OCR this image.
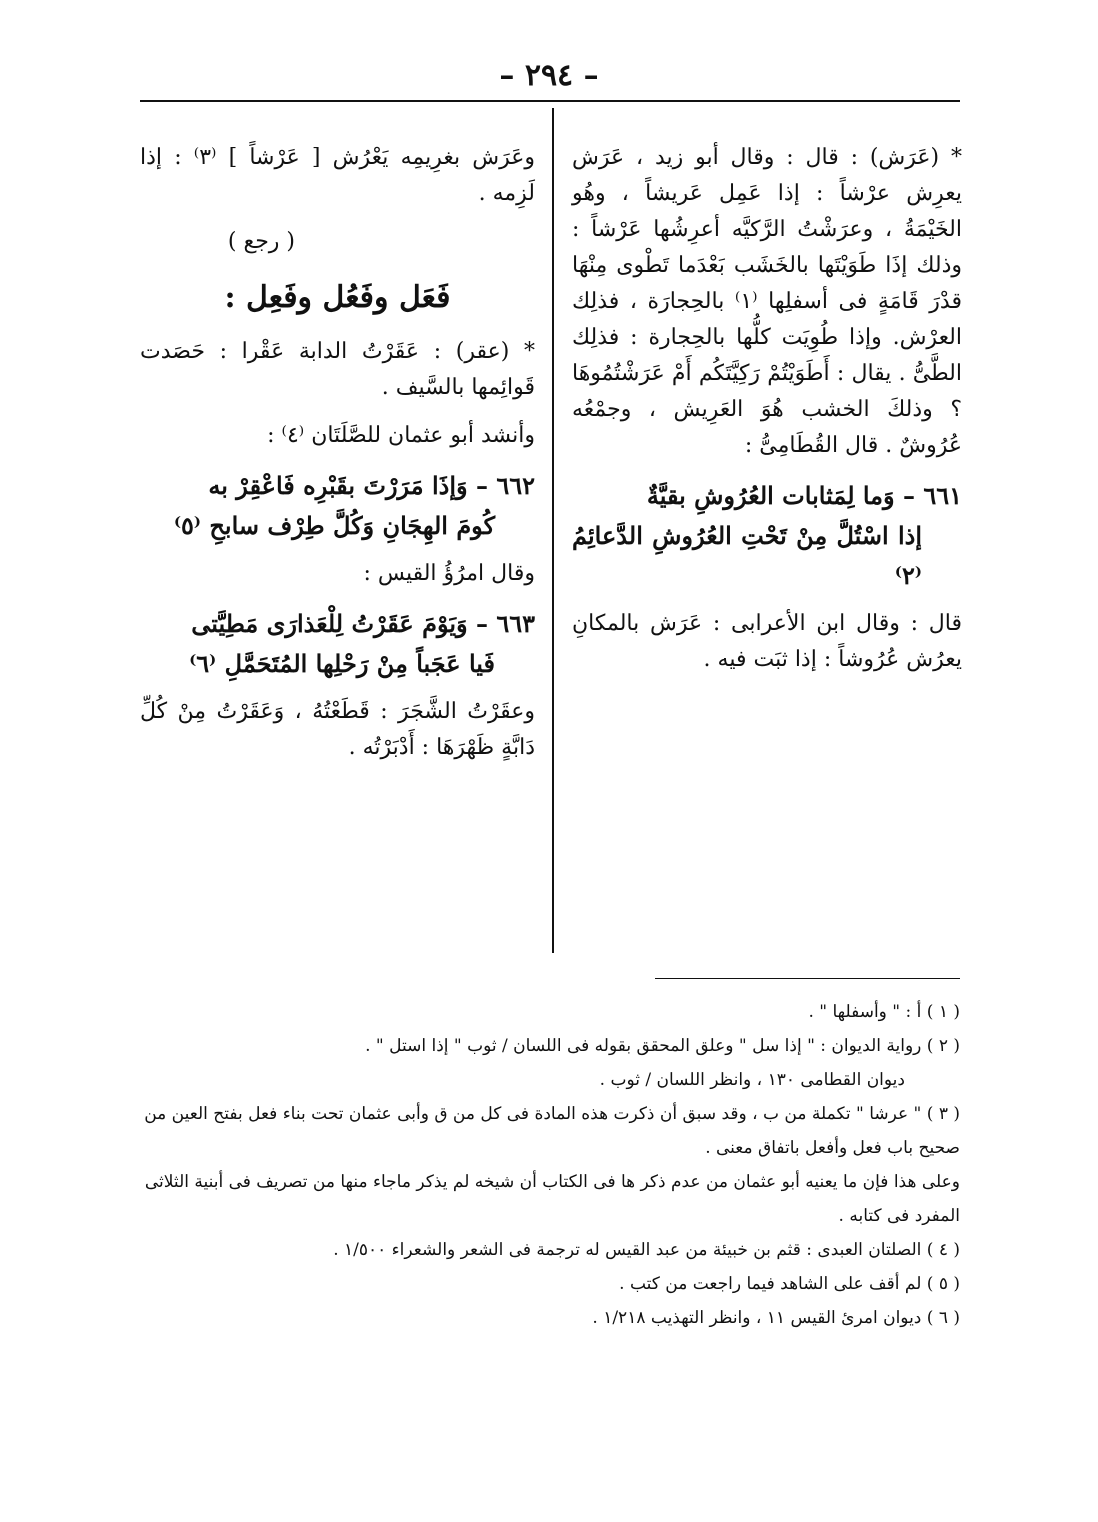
– ٢٩٤ –

* (عَرَش) : قال : وقال أبو زيد ، عَرَش يعرِش عرْشاً : إذا عَمِل عَريشاً ، وهُو الخَيْمَةُ ، وعرَشْتُ الرَّكيَّه أعرِشُها عَرْشاً : وذلك إذَا طَوَيْتَها بالخَشَب بَعْدَما تَطْوى مِنْهَا قدْرَ قَامَةٍ فى أسفلِها ⁽١⁾ بالحِجارَة ، فذلِك العرْش. وإذا طُوِيَت كلُّها بالحِجارة : فذلِك الطَّىُّ . يقال : أَطَوَيْتُمْ رَكِيَّتَكُم أَمْ عَرَشْتُمُوهَا ؟ وذلكَ الخشب هُوَ العَرِيش ، وجمْعُه عُرُوشٌ . قال القُطَامِىُّ :

٦٦١ – وَما لِمَثابات العُرُوشِ بقيَّةٌ
إذا اسْتُلَّ مِنْ تَحْتِ العُرُوشِ الدَّعائِمُ ⁽٢⁾

قال : وقال ابن الأعرابى : عَرَش بالمكانِ يعرُش عُرُوشاً : إذا ثبَت فيه .

وعَرَش بغرِيمِه يَعْرُش [ عَرْشاً ] ⁽٣⁾ : إذا لَزِمه .

( رجع )

فَعَل وفَعُل وفَعِل :

* (عقر) : عَقَرْتُ الدابة عَقْرا : حَصَدت قَوائِمها بالسَّيف .

وأنشد أبو عثمان للصَّلَتَان ⁽٤⁾ :

٦٦٢ – وَإذَا مَرَرْتَ بقَبْرِه فَاعْقِرْ به
كُومَ الهِجَانِ وَكُلَّ طِرْف سابحِ ⁽٥⁾

وقال امرُؤُ القيس :

٦٦٣ – وَيَوْمَ عَقَرْتُ لِلْعَذارَى مَطِيَّتى
فَيا عَجَباً مِنْ رَحْلِها المُتَحَمَّلِ ⁽٦⁾

وعقَرْتُ الشَّجَرَ : قَطَعْتُهُ ، وَعَقَرْتُ مِنْ كُلِّ دَابَّةٍ ظَهْرَهَا : أَدْبَرْتُه .

( ١ ) أ : " وأسفلها " .

( ٢ ) رواية الديوان : " إذا سل " وعلق المحقق بقوله فى اللسان / ثوب " إذا استل " .

ديوان القطامى ١٣٠ ، وانظر اللسان / ثوب .

( ٣ ) " عرشا " تكملة من ب ، وقد سبق أن ذكرت هذه المادة فى كل من ق وأبى عثمان تحت بناء فعل بفتح العين من صحيح باب فعل وأفعل باتفاق معنى .

وعلى هذا فإن ما يعنيه أبو عثمان من عدم ذكر ها فى الكتاب أن شيخه لم يذكر ماجاء منها من تصريف فى أبنية الثلاثى المفرد فى كتابه .

( ٤ ) الصلتان العبدى : قثم بن خبيئة من عبد القيس له ترجمة فى الشعر والشعراء ١/٥٠٠ .

( ٥ ) لم أقف على الشاهد فيما راجعت من كتب .

( ٦ ) ديوان امرئ القيس ١١ ، وانظر التهذيب ١/٢١٨ .
